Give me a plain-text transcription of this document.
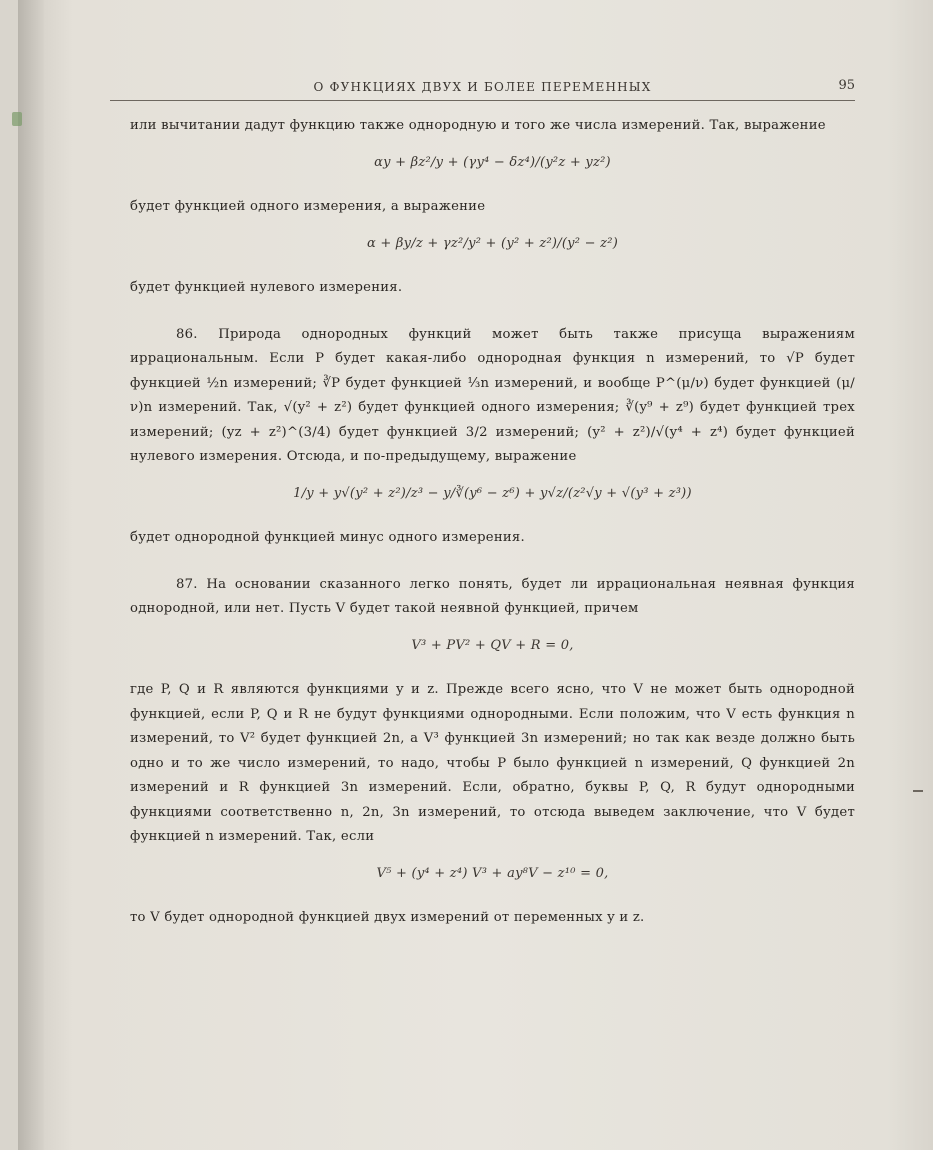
О ФУНКЦИЯХ ДВУХ И БОЛЕЕ ПЕРЕМЕННЫХ	95

или вычитании дадут функцию также однородную и того же числа измерений. Так, выражение

αy + βz²/y + (γy⁴ − δz⁴)/(y²z + yz²)

будет функцией одного измерения, а выражение

α + βy/z + γz²/y² + (y² + z²)/(y² − z²)

будет функцией нулевого измерения.

86. Природа однородных функций может быть также присуща выражениям иррациональным. Если P будет какая-либо однородная функция n измерений, то √P будет функцией ½n измерений; ∛P будет функцией ⅓n измерений, и вообще P^(μ/ν) будет функцией (μ/ν)n измерений. Так, √(y² + z²) будет функцией одного измерения; ∛(y⁹ + z⁹) будет функцией трех измерений; (yz + z²)^(3/4) будет функцией 3/2 измерений; (y² + z²)/√(y⁴ + z⁴) будет функцией нулевого измерения. Отсюда, и по-предыдущему, выражение

1/y + y√(y² + z²)/z³ − y/∛(y⁶ − z⁶) + y√z/(z²√y + √(y³ + z³))

будет однородной функцией минус одного измерения.

87. На основании сказанного легко понять, будет ли иррациональная неявная функция однородной, или нет. Пусть V будет такой неявной функцией, причем

V³ + PV² + QV + R = 0,

где P, Q и R являются функциями y и z. Прежде всего ясно, что V не может быть однородной функцией, если P, Q и R не будут функциями однородными. Если положим, что V есть функция n измерений, то V² будет функцией 2n, а V³ функцией 3n измерений; но так как везде должно быть одно и то же число измерений, то надо, чтобы P было функцией n измерений, Q функцией 2n измерений и R функцией 3n измерений. Если, обратно, буквы P, Q, R будут однородными функциями соответственно n, 2n, 3n измерений, то отсюда выведем заключение, что V будет функцией n измерений. Так, если

V⁵ + (y⁴ + z⁴) V³ + ay⁸V − z¹⁰ = 0,

то V будет однородной функцией двух измерений от переменных y и z.
